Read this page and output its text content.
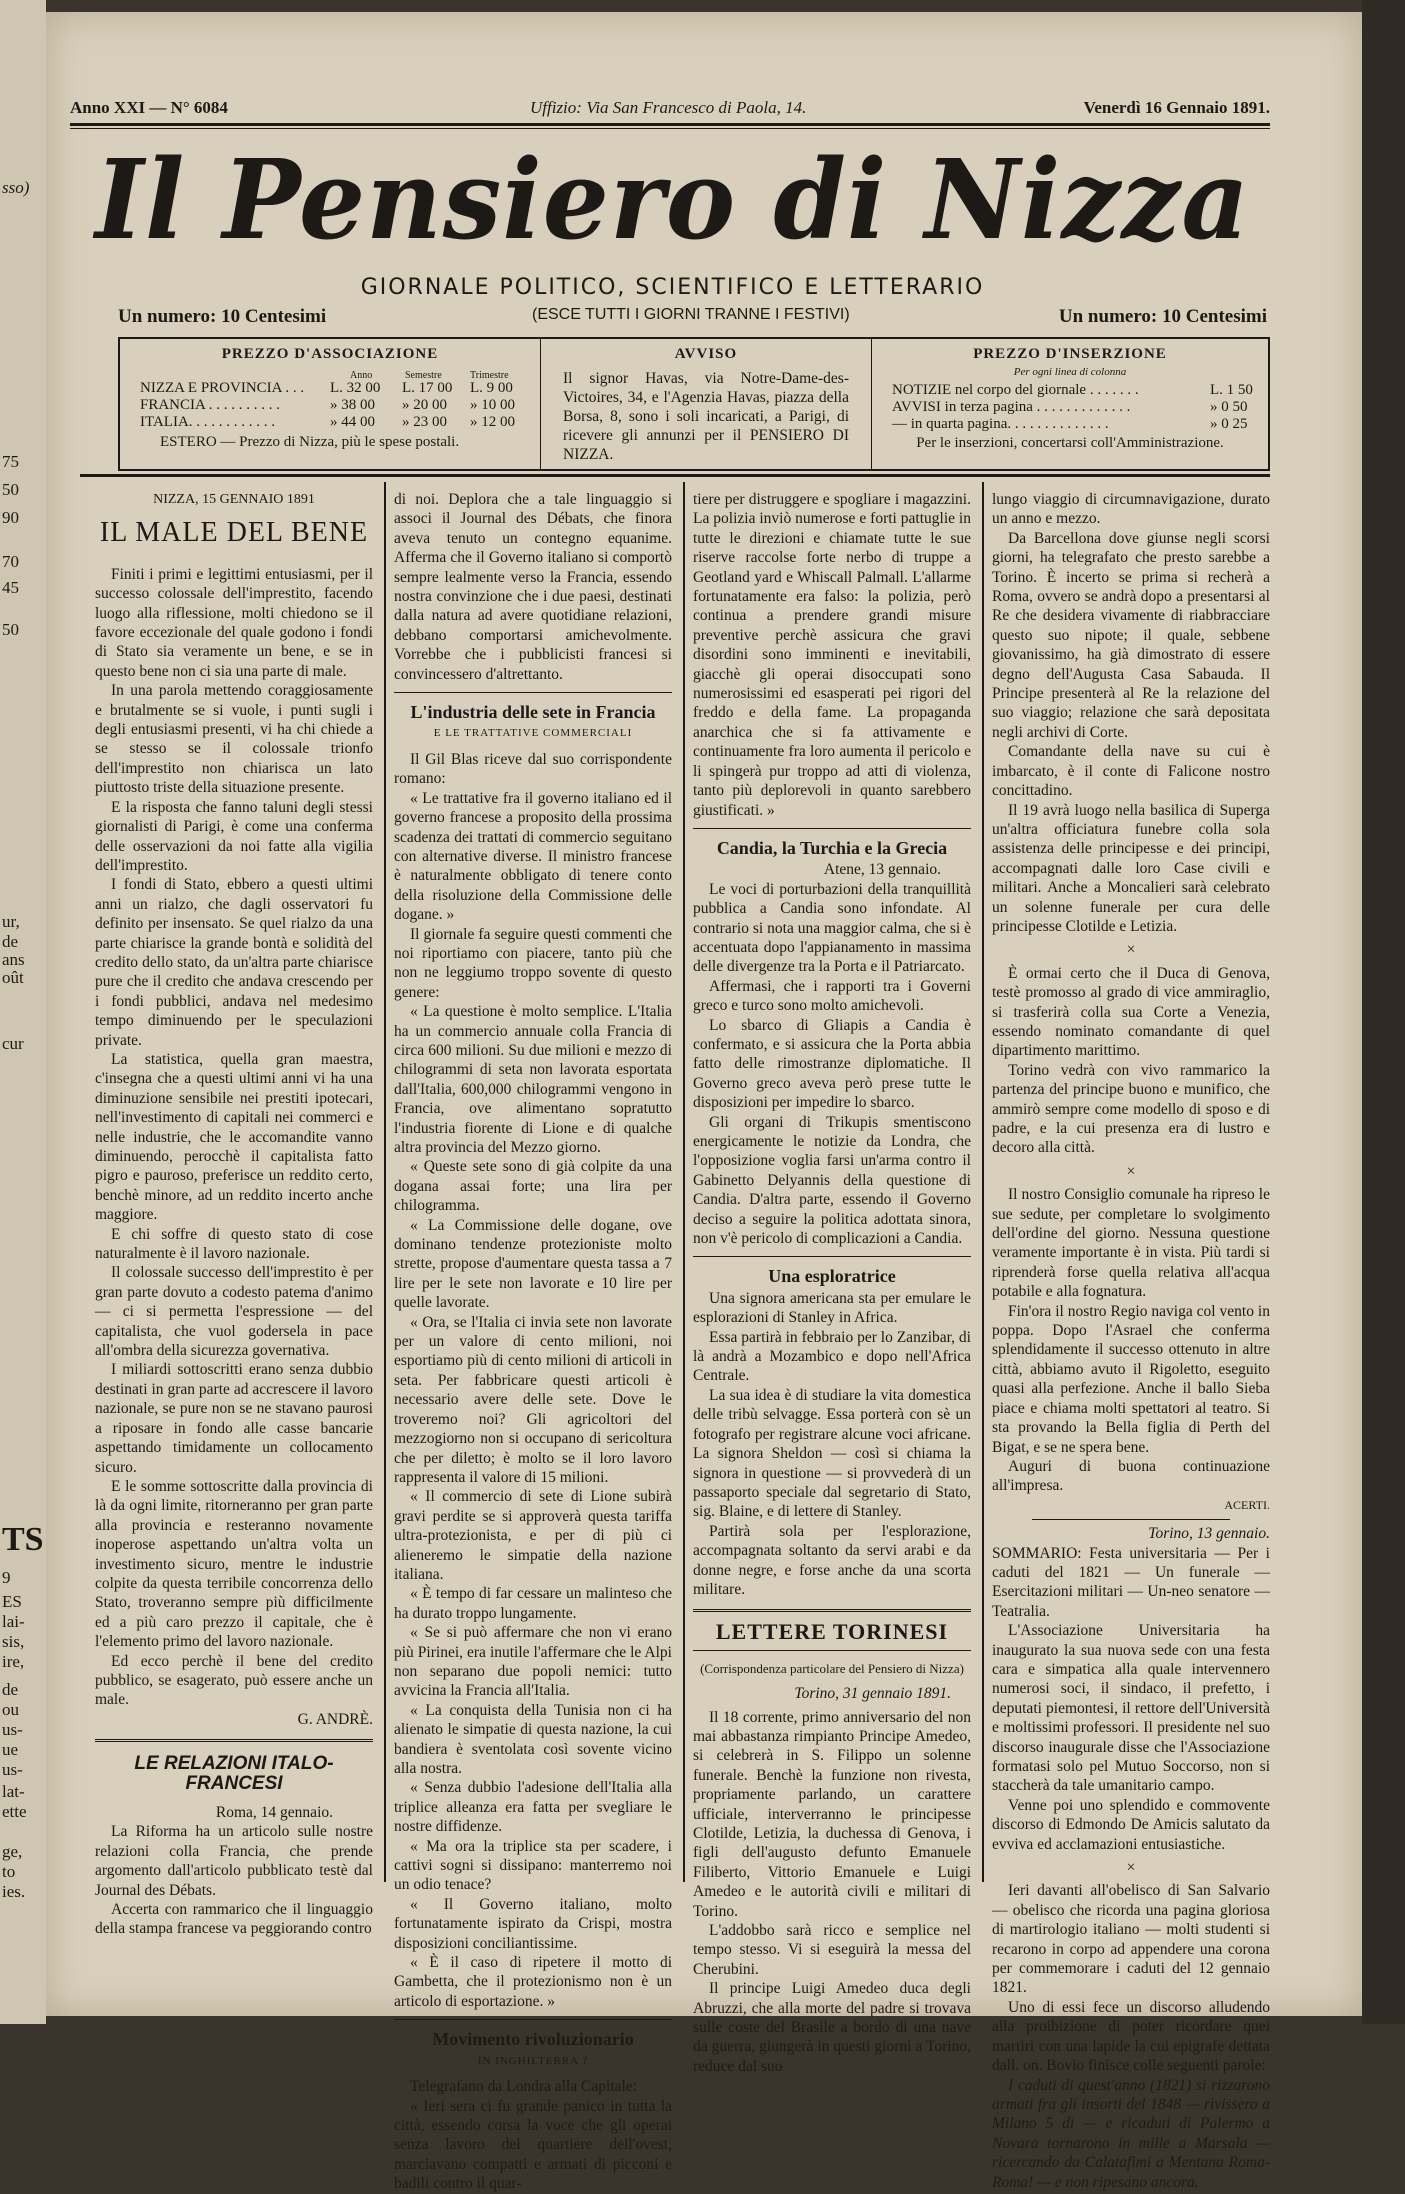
sso)
75
50
90
70
45
50
ur,
de
ans
oût
cur
TS
9
ES
lai-
sis,
ire,
de
ou
us-
ue
us-
lat-
ette
ge,
to
ies.
Anno XXI — N° 6084	Uffizio: Via San Francesco di Paola, 14.	Venerdì 16 Gennaio 1891.
Il Pensiero di Nizza
GIORNALE POLITICO, SCIENTIFICO E LETTERARIO
Un numero: 10 Centesimi	(ESCE TUTTI I GIORNI TRANNE I FESTIVI)	Un numero: 10 Centesimi
PREZZO D'ASSOCIAZIONE
Anno	Semestre	Trimestre
NIZZA E PROVINCIA . . . L. 32 00 L. 17 00 L. 9 00
FRANCIA . . . . . . . . . .	» 38 00 » 20 00 » 10 00
ITALIA. . . . . . . . . . . .	» 44 00 » 23 00 » 12 00
ESTERO — Prezzo di Nizza, più le spese postali.
AVVISO
Il signor Havas, via Notre-Dame-des-Victoires, 34, e l'Agenzia Havas, piazza della Borsa, 8, sono i soli incaricati, a Parigi, di ricevere gli annunzi per il PENSIERO DI NIZZA.
PREZZO D'INSERZIONE
Per ogni linea di colonna
NOTIZIE nel corpo del giornale . . . . . . .	L. 1 50
AVVISI in terza pagina . . . . . . . . . . . . .	» 0 50
— in quarta pagina. . . . . . . . . . . . . .	» 0 25
Per le inserzioni, concertarsi coll'Amministrazione.
NIZZA, 15 GENNAIO 1891
IL MALE DEL BENE

Finiti i primi e legittimi entusiasmi, per il successo colossale dell'imprestito, facendo luogo alla riflessione, molti chiedono se il favore eccezionale del quale godono i fondi di Stato sia veramente un bene, e se in questo bene non ci sia una parte di male.

In una parola mettendo coraggiosamente e brutalmente se si vuole, i punti sugli i degli entusiasmi presenti, vi ha chi chiede a se stesso se il colossale trionfo dell'imprestito non chiarisca un lato piuttosto triste della situazione presente.

E la risposta che fanno taluni degli stessi giornalisti di Parigi, è come una conferma delle osservazioni da noi fatte alla vigilia dell'imprestito.

I fondi di Stato, ebbero a questi ultimi anni un rialzo, che dagli osservatori fu definito per insensato. Se quel rialzo da una parte chiarisce la grande bontà e solidità del credito dello stato, da un'altra parte chiarisce pure che il credito che andava crescendo per i fondi pubblici, andava nel medesimo tempo diminuendo per le speculazioni private.

La statistica, quella gran maestra, c'insegna che a questi ultimi anni vi ha una diminuzione sensibile nei prestiti ipotecari, nell'investimento di capitali nei commerci e nelle industrie, che le accomandite vanno diminuendo, perocchè il capitalista fatto pigro e pauroso, preferisce un reddito certo, benchè minore, ad un reddito incerto anche maggiore.

E chi soffre di questo stato di cose naturalmente è il lavoro nazionale.

Il colossale successo dell'imprestito è per gran parte dovuto a codesto patema d'animo — ci si permetta l'espressione — del capitalista, che vuol godersela in pace all'ombra della sicurezza governativa.

I miliardi sottoscritti erano senza dubbio destinati in gran parte ad accrescere il lavoro nazionale, se pure non se ne stavano paurosi a riposare in fondo alle casse bancarie aspettando timidamente un collocamento sicuro.

E le somme sottoscritte dalla provincia di là da ogni limite, ritorneranno per gran parte alla provincia e resteranno novamente inoperose aspettando un'altra volta un investimento sicuro, mentre le industrie colpite da questa terribile concorrenza dello Stato, troveranno sempre più difficilmente ed a più caro prezzo il capitale, che è l'elemento primo del lavoro nazionale.

Ed ecco perchè il bene del credito pubblico, se esagerato, può essere anche un male.

G. ANDRÈ.
LE RELAZIONI ITALO-FRANCESI
Roma, 14 gennaio.

La Riforma ha un articolo sulle nostre relazioni colla Francia, che prende argomento dall'articolo pubblicato testè dal Journal des Débats.

Accerta con rammarico che il linguaggio della stampa francese va peggiorando contro

di noi. Deplora che a tale linguaggio si associ il Journal des Débats, che finora aveva tenuto un contegno equanime. Afferma che il Governo italiano si comportò sempre lealmente verso la Francia, essendo nostra convinzione che i due paesi, destinati dalla natura ad avere quotidiane relazioni, debbano comportarsi amichevolmente. Vorrebbe che i pubblicisti francesi si convincessero d'altrettanto.

L'industria delle sete in Francia
E LE TRATTATIVE COMMERCIALI

Il Gil Blas riceve dal suo corrispondente romano:

« Le trattative fra il governo italiano ed il governo francese a proposito della prossima scadenza dei trattati di commercio seguitano con alternative diverse. Il ministro francese è naturalmente obbligato di tenere conto della risoluzione della Commissione delle dogane. »

Il giornale fa seguire questi commenti che noi riportiamo con piacere, tanto più che non ne leggiumo troppo sovente di questo genere:

« La questione è molto semplice. L'Italia ha un commercio annuale colla Francia di circa 600 milioni. Su due milioni e mezzo di chilogrammi di seta non lavorata esportata dall'Italia, 600,000 chilogrammi vengono in Francia, ove alimentano sopratutto l'industria fiorente di Lione e di qualche altra provincia del Mezzo giorno.

« Queste sete sono di già colpite da una dogana assai forte; una lira per chilogramma.

« La Commissione delle dogane, ove dominano tendenze protezioniste molto strette, propose d'aumentare questa tassa a 7 lire per le sete non lavorate e 10 lire per quelle lavorate.

« Ora, se l'Italia ci invia sete non lavorate per un valore di cento milioni, noi esportiamo più di cento milioni di articoli in seta. Per fabbricare questi articoli è necessario avere delle sete. Dove le troveremo noi? Gli agricoltori del mezzogiorno non si occupano di sericoltura che per diletto; è molto se il loro lavoro rappresenta il valore di 15 milioni.

« Il commercio di sete di Lione subirà gravi perdite se si approverà questa tariffa ultra-protezionista, e per di più ci alieneremo le simpatie della nazione italiana.

« È tempo di far cessare un malinteso che ha durato troppo lungamente.

« Se si può affermare che non vi erano più Pirinei, era inutile l'affermare che le Alpi non separano due popoli nemici: tutto avvicina la Francia all'Italia.

« La conquista della Tunisia non ci ha alienato le simpatie di questa nazione, la cui bandiera è sventolata così sovente vicino alla nostra.

« Senza dubbio l'adesione dell'Italia alla triplice alleanza era fatta per svegliare le nostre diffidenze.

« Ma ora la triplice sta per scadere, i cattivi sogni si dissipano: manterremo noi un odio tenace?

« Il Governo italiano, molto fortunatamente ispirato da Crispi, mostra disposizioni conciliantissime.

« È il caso di ripetere il motto di Gambetta, che il protezionismo non è un articolo di esportazione. »

Movimento rivoluzionario
IN INGHILTERRA ?

Telegrafano da Londra alla Capitale:

« Ieri sera ci fu grande panico in tutta la città, essendo corsa la voce che gli operai senza lavoro del quartiere dell'ovest, marciavano compatti e armati di picconi e badili contro il quar-

tiere per distruggere e spogliare i magazzini. La polizia inviò numerose e forti pattuglie in tutte le direzioni e chiamate tutte le sue riserve raccolse forte nerbo di truppe a Geotland yard e Whiscall Palmall. L'allarme fortunatamente era falso: la polizia, però continua a prendere grandi misure preventive perchè assicura che gravi disordini sono imminenti e inevitabili, giacchè gli operai disoccupati sono numerosissimi ed esasperati pei rigori del freddo e della fame. La propaganda anarchica che si fa attivamente e continuamente fra loro aumenta il pericolo e li spingerà pur troppo ad atti di violenza, tanto più deplorevoli in quanto sarebbero giustificati. »

Candia, la Turchia e la Grecia
Atene, 13 gennaio.

Le voci di porturbazioni della tranquillità pubblica a Candia sono infondate. Al contrario si nota una maggior calma, che si è accentuata dopo l'appianamento in massima delle divergenze tra la Porta e il Patriarcato.

Affermasi, che i rapporti tra i Governi greco e turco sono molto amichevoli.

Lo sbarco di Gliapis a Candia è confermato, e si assicura che la Porta abbia fatto delle rimostranze diplomatiche. Il Governo greco aveva però prese tutte le disposizioni per impedire lo sbarco.

Gli organi di Trikupis smentiscono energicamente le notizie da Londra, che l'opposizione voglia farsi un'arma contro il Gabinetto Delyannis della questione di Candia. D'altra parte, essendo il Governo deciso a seguire la politica adottata sinora, non v'è pericolo di complicazioni a Candia.

Una esploratrice

Una signora americana sta per emulare le esplorazioni di Stanley in Africa.

Essa partirà in febbraio per lo Zanzibar, di là andrà a Mozambico e dopo nell'Africa Centrale.

La sua idea è di studiare la vita domestica delle tribù selvagge. Essa porterà con sè un fotografo per registrare alcune voci africane. La signora Sheldon — così si chiama la signora in questione — si provvederà di un passaporto speciale dal segretario di Stato, sig. Blaine, e di lettere di Stanley.

Partirà sola per l'esplorazione, accompagnata soltanto da servi arabi e da donne negre, e forse anche da una scorta militare.

LETTERE TORINESI
(Corrispondenza particolare del Pensiero di Nizza)
Torino, 31 gennaio 1891.

Il 18 corrente, primo anniversario del non mai abbastanza rimpianto Principe Amedeo, si celebrerà in S. Filippo un solenne funerale. Benchè la funzione non rivesta, propriamente parlando, un carattere ufficiale, interverranno le principesse Clotilde, Letizia, la duchessa di Genova, i figli dell'augusto defunto Emanuele Filiberto, Vittorio Emanuele e Luigi Amedeo e le autorità civili e militari di Torino.

L'addobbo sarà ricco e semplice nel tempo stesso. Vi si eseguirà la messa del Cherubini.

Il principe Luigi Amedeo duca degli Abruzzi, che alla morte del padre si trovava sulle coste del Brasile a bordo di una nave da guerra, giungerà in questi giorni a Torino, reduce dal suo

lungo viaggio di circumnavigazione, durato un anno e mezzo.

Da Barcellona dove giunse negli scorsi giorni, ha telegrafato che presto sarebbe a Torino. È incerto se prima si recherà a Roma, ovvero se andrà dopo a presentarsi al Re che desidera vivamente di riabbracciare questo suo nipote; il quale, sebbene giovanissimo, ha già dimostrato di essere degno dell'Augusta Casa Sabauda. Il Principe presenterà al Re la relazione del suo viaggio; relazione che sarà depositata negli archivi di Corte.

Comandante della nave su cui è imbarcato, è il conte di Falicone nostro concittadino.

Il 19 avrà luogo nella basilica di Superga un'altra officiatura funebre colla sola assistenza delle principesse e dei principi, accompagnati dalle loro Case civili e militari. Anche a Moncalieri sarà celebrato un solenne funerale per cura delle principesse Clotilde e Letizia.

×

È ormai certo che il Duca di Genova, testè promosso al grado di vice ammiraglio, si trasferirà colla sua Corte a Venezia, essendo nominato comandante di quel dipartimento marittimo.

Torino vedrà con vivo rammarico la partenza del principe buono e munifico, che ammirò sempre come modello di sposo e di padre, e la cui presenza era di lustro e decoro alla città.

×

Il nostro Consiglio comunale ha ripreso le sue sedute, per completare lo svolgimento dell'ordine del giorno. Nessuna questione veramente importante è in vista. Più tardi si riprenderà forse quella relativa all'acqua potabile e alla fognatura.

Fin'ora il nostro Regio naviga col vento in poppa. Dopo l'Asrael che conferma splendidamente il successo ottenuto in altre città, abbiamo avuto il Rigoletto, eseguito quasi alla perfezione. Anche il ballo Sieba piace e chiama molti spettatori al teatro. Si sta provando la Bella figlia di Perth del Bigat, e se ne spera bene.

Auguri di buona continuazione all'impresa.

ACERTI.
Torino, 13 gennaio.

SOMMARIO: Festa universitaria — Per i caduti del 1821 — Un funerale — Esercitazioni militari — Un-neo senatore — Teatralia.

L'Associazione Universitaria ha inaugurato la sua nuova sede con una festa cara e simpatica alla quale intervennero numerosi soci, il sindaco, il prefetto, i deputati piemontesi, il rettore dell'Università e moltissimi professori. Il presidente nel suo discorso inaugurale disse che l'Associazione formatasi solo pel Mutuo Soccorso, non si staccherà da tale umanitario campo.

Venne poi uno splendido e commovente discorso di Edmondo De Amicis salutato da evviva ed acclamazioni entusiastiche.

×

Ieri davanti all'obelisco di San Salvario — obelisco che ricorda una pagina gloriosa di martirologio italiano — molti studenti si recarono in corpo ad appendere una corona per commemorare i caduti del 12 gennaio 1821.

Uno di essi fece un discorso alludendo alla proibizione di poter ricordare quei martiri con una lapide la cui epigrafe dettata dall. on. Bovio finisce colle seguenti parole:

I caduti di quest'anno (1821) si rizzarono armati fra gli insorti del 1848 — rivissero a Milano 5 dì — e ricaduti di Palermo a Novara tornarono in mille a Marsala — ricercando da Calatafimi a Mentana Roma-Roma! — e non ripesano ancora.
